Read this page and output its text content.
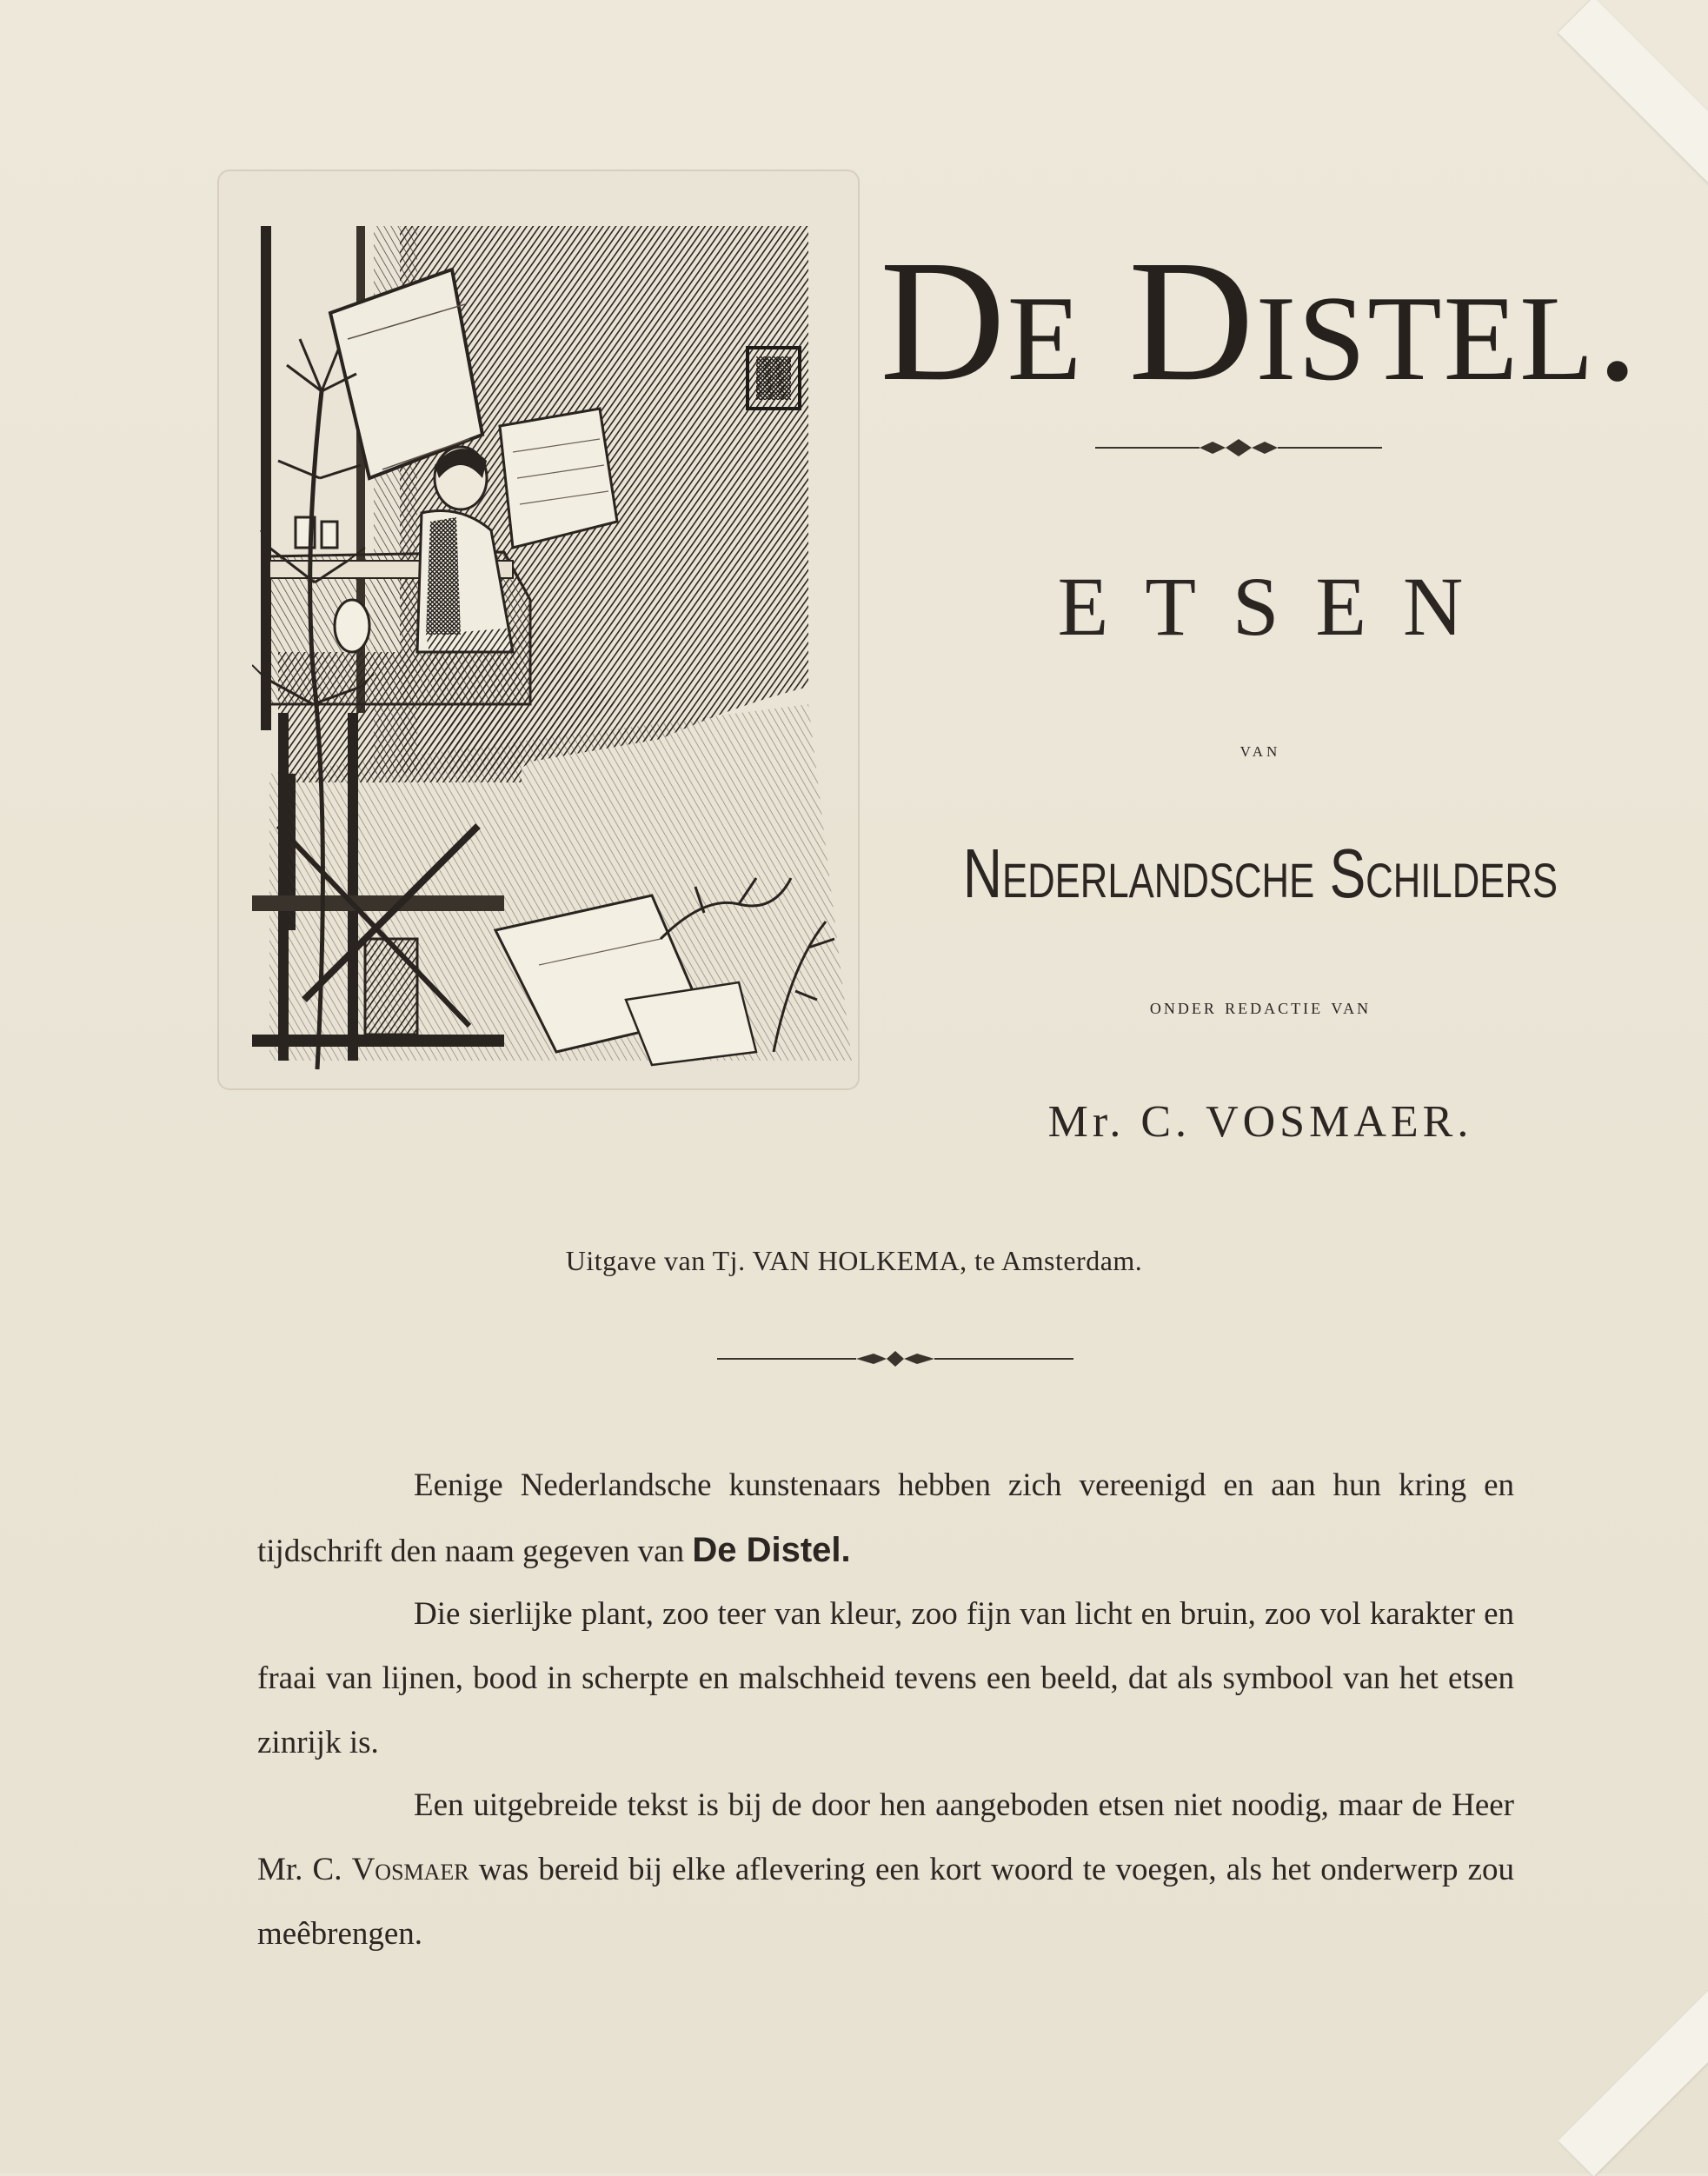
De Distel.
ETSEN
van
Nederlandsche Schilders
onder redactie van
Mr. C. VOSMAER.
Uitgave van Tj. VAN HOLKEMA, te Amsterdam.
Eenige Nederlandsche kunstenaars hebben zich vereenigd en aan hun kring en tijdschrift den naam gegeven van De Distel.
Die sierlijke plant, zoo teer van kleur, zoo fijn van licht en bruin, zoo vol karakter en fraai van lijnen, bood in scherpte en malschheid tevens een beeld, dat als symbool van het etsen zinrijk is.
Een uitgebreide tekst is bij de door hen aangeboden etsen niet noodig, maar de Heer Mr. C. Vosmaer was bereid bij elke aflevering een kort woord te voegen, als het onderwerp zou meêbrengen.
